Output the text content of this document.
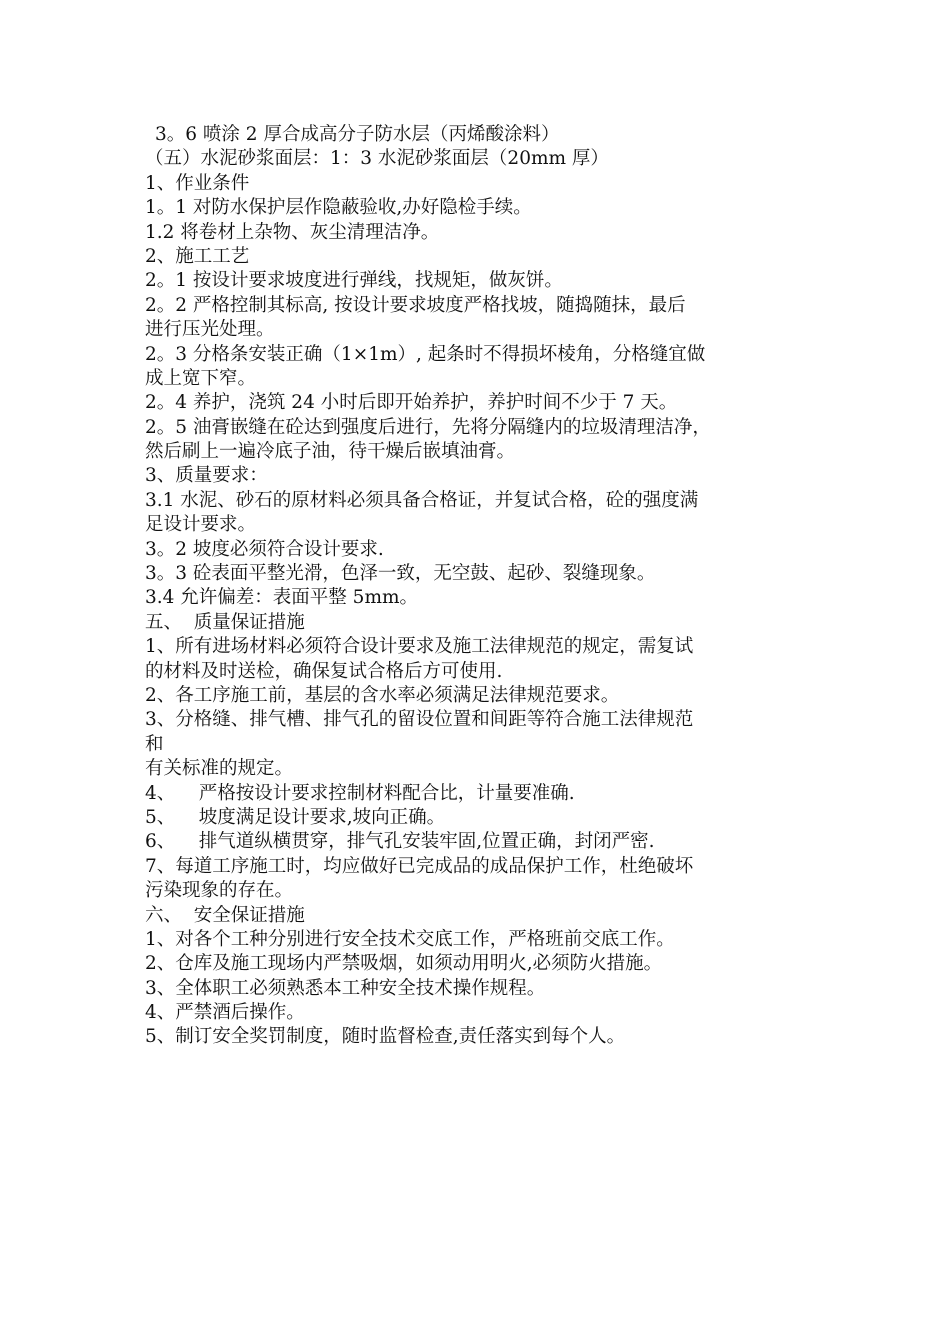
3。6 喷涂 2 厚合成高分子防水层（丙烯酸涂料）
（五）水泥砂浆面层：1：3 水泥砂浆面层（20mm 厚）
1、作业条件
1。1 对防水保护层作隐蔽验收,办好隐检手续。
1.2 将卷材上杂物、灰尘清理洁净。
2、施工工艺
2。1 按设计要求坡度进行弹线，找规矩，做灰饼。
2。2 严格控制其标高, 按设计要求坡度严格找坡，随捣随抹，最后
进行压光处理。
2。3 分格条安装正确（1×1m）, 起条时不得损坏棱角，分格缝宜做
成上宽下窄。
2。4 养护，浇筑 24 小时后即开始养护，养护时间不少于 7 天。
2。5 油膏嵌缝在砼达到强度后进行，先将分隔缝内的垃圾清理洁净，
然后刷上一遍冷底子油，待干燥后嵌填油膏。
3、质量要求：
3.1 水泥、砂石的原材料必须具备合格证，并复试合格，砼的强度满
足设计要求。
3。2 坡度必须符合设计要求.
3。3 砼表面平整光滑，色泽一致，无空鼓、起砂、裂缝现象。
3.4 允许偏差：表面平整 5mm。
五、  质量保证措施
1、所有进场材料必须符合设计要求及施工法律规范的规定，需复试
的材料及时送检，确保复试合格后方可使用.
2、各工序施工前，基层的含水率必须满足法律规范要求。
3、分格缝、排气槽、排气孔的留设位置和间距等符合施工法律规范
和
有关标准的规定。
4、    严格按设计要求控制材料配合比，计量要准确.
5、    坡度满足设计要求,坡向正确。
6、    排气道纵横贯穿，排气孔安装牢固,位置正确，封闭严密.
7、每道工序施工时，均应做好已完成品的成品保护工作，杜绝破坏
污染现象的存在。
六、  安全保证措施
1、对各个工种分别进行安全技术交底工作，严格班前交底工作。
2、仓库及施工现场内严禁吸烟，如须动用明火,必须防火措施。
3、全体职工必须熟悉本工种安全技术操作规程。
4、严禁酒后操作。
5、制订安全奖罚制度，随时监督检查,责任落实到每个人。
